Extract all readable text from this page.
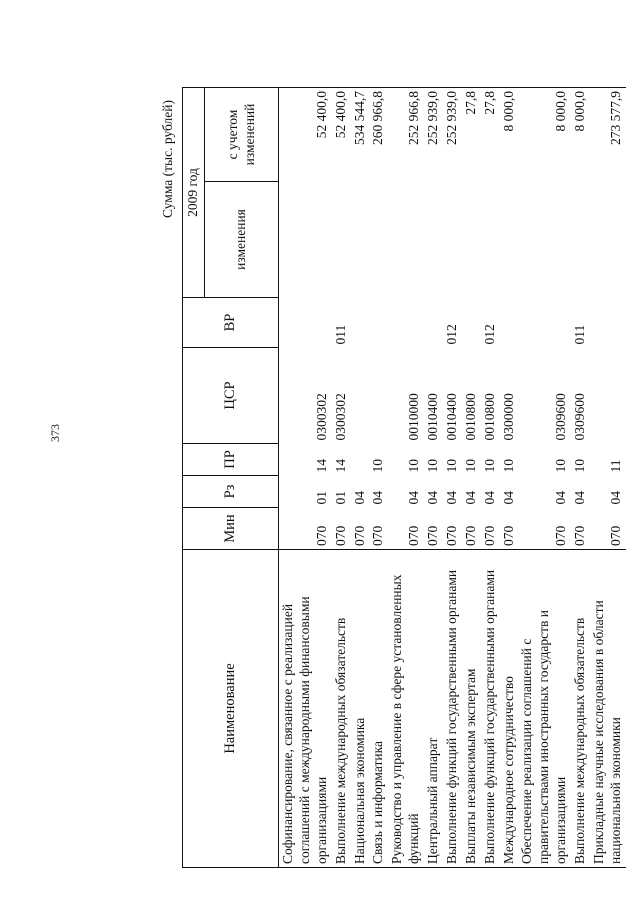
373
Сумма (тыс. рублей)
Наименование	Мин	Рз	ПР	ЦСР	ВР	2009 год	
						изменения	с учетом изменений

Софинансирование, связанное с реализацией соглашений с международными финансовыми организациями	070	01	14	0300302			52 400,0
Выполнение международных обязательств	070	01	14	0300302	011		52 400,0
Национальная экономика	070	04					534 544,7
Связь и информатика	070	04	10				260 966,8
Руководство и управление в сфере установленных функций	070	04	10	0010000			252 966,8
Центральный аппарат	070	04	10	0010400			252 939,0
Выполнение функций государственными органами	070	04	10	0010400	012		252 939,0
Выплаты независимым экспертам	070	04	10	0010800			27,8
Выполнение функций государственными органами	070	04	10	0010800	012		27,8
Международное сотрудничество	070	04	10	0300000			8 000,0
Обеспечение реализации соглашений с правительствами иностранных государств и организациями	070	04	10	0309600			8 000,0
Выполнение международных обязательств	070	04	10	0309600	011		8 000,0
Прикладные научные исследования в области национальной экономики	070	04	11				273 577,9
